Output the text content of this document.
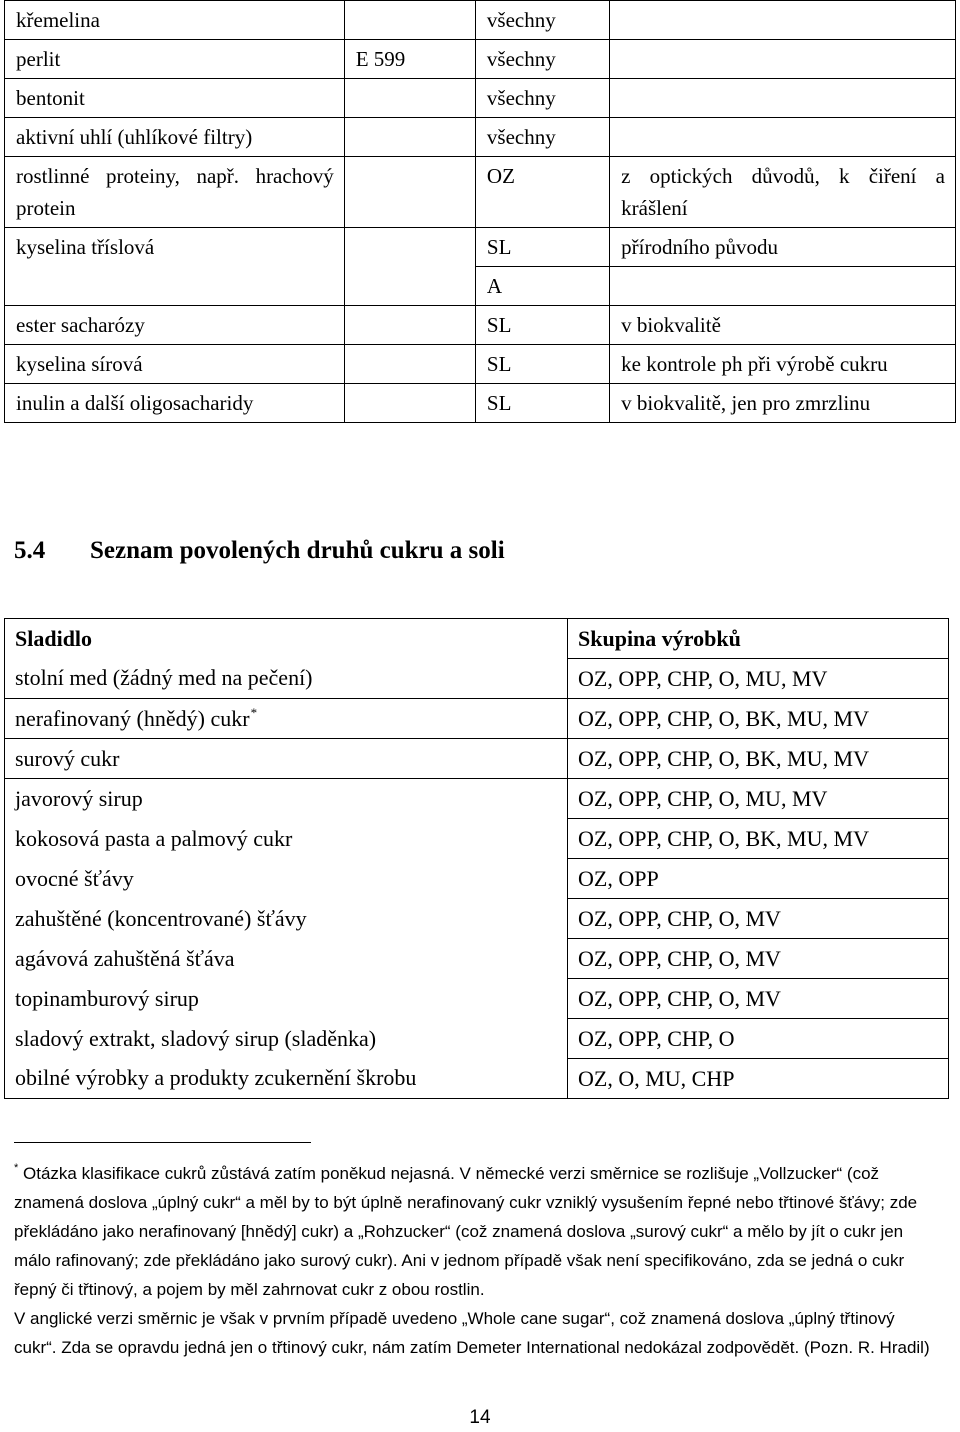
křemelina		všechny	
perlit	E 599	všechny	
bentonit		všechny	
aktivní uhlí (uhlíkové filtry)		všechny	
rostlinné proteiny, např. hrachový protein		OZ	z optických důvodů, k čiření a krášlení
kyselina tříslová		SL	přírodního původu
		A	
ester sacharózy		SL	v biokvalitě
kyselina sírová		SL	ke kontrole ph při výrobě cukru
inulin a další oligosacharidy		SL	v biokvalitě, jen pro zmrzlinu
5.4 Seznam povolených druhů cukru a soli
Sladidlo	Skupina výrobků
stolní med (žádný med na pečení)	OZ, OPP, CHP, O, MU, MV
nerafinovaný (hnědý) cukr*	OZ, OPP, CHP, O, BK, MU, MV
surový cukr	OZ, OPP, CHP, O, BK, MU, MV
javorový sirup	OZ, OPP, CHP, O, MU, MV
kokosová pasta a palmový cukr	OZ, OPP, CHP, O, BK, MU, MV
ovocné šťávy	OZ, OPP
zahuštěné (koncentrované) šťávy	OZ, OPP, CHP, O, MV
agávová zahuštěná šťáva	OZ, OPP, CHP, O, MV
topinamburový sirup	OZ, OPP, CHP, O, MV
sladový extrakt, sladový sirup (sladěnka)	OZ, OPP, CHP, O
obilné výrobky a produkty zcukernění škrobu	OZ, O, MU, CHP

* Otázka klasifikace cukrů zůstává zatím poněkud nejasná. V německé verzi směrnice se rozlišuje „Vollzucker“ (což znamená doslova „úplný cukr“ a měl by to být úplně nerafinovaný cukr vzniklý vysušením řepné nebo třtinové šťávy; zde překládáno jako nerafinovaný [hnědý] cukr) a „Rohzucker“ (což znamená doslova „surový cukr“ a mělo by jít o cukr jen málo rafinovaný; zde překládáno jako surový cukr). Ani v jednom případě však není specifikováno, zda se jedná o cukr řepný či třtinový, a pojem by měl zahrnovat cukr z obou rostlin.

V anglické verzi směrnic je však v prvním případě uvedeno „Whole cane sugar“, což znamená doslova „úplný třtinový cukr“. Zda se opravdu jedná jen o třtinový cukr, nám zatím Demeter International nedokázal zodpovědět. (Pozn. R. Hradil)

14
